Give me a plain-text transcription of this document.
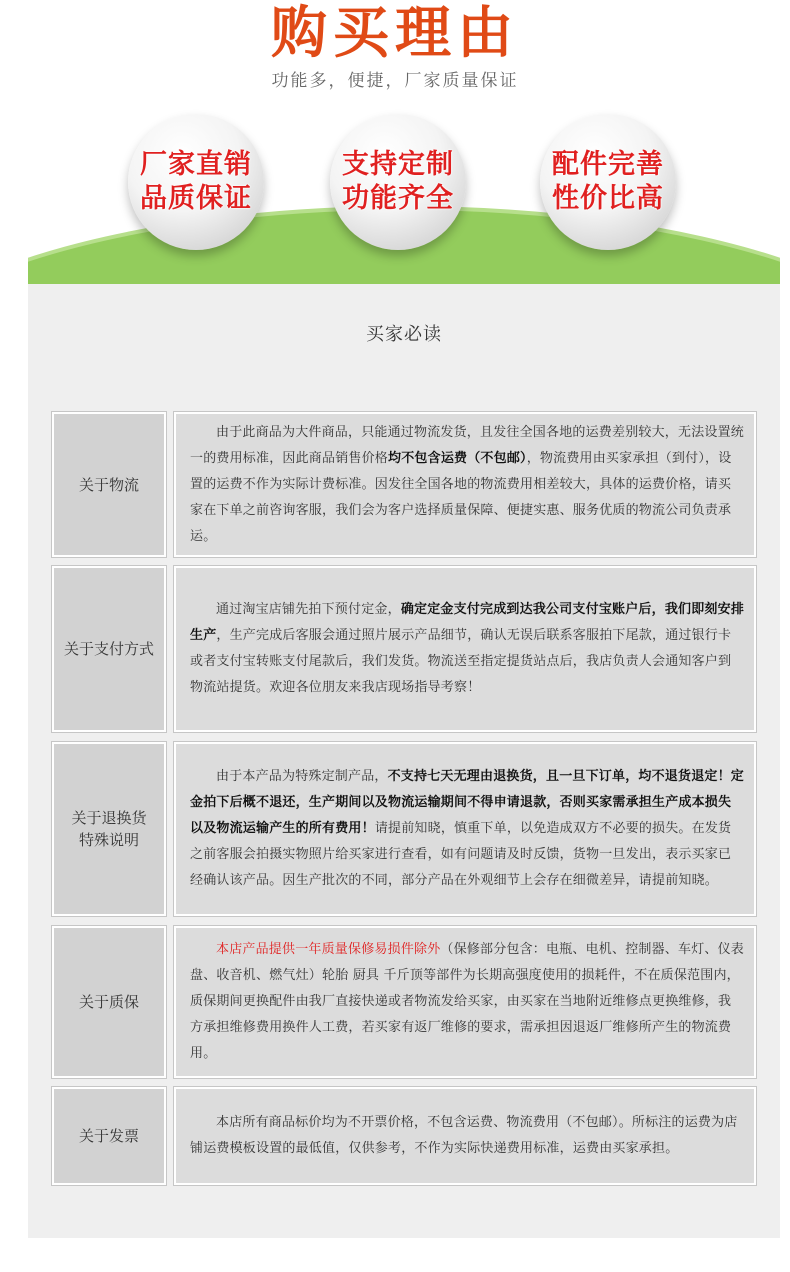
购买理由
功能多，便捷，厂家质量保证
厂家直销
品质保证
支持定制
功能齐全
配件完善
性价比高
买家必读
关于物流

由于此商品为大件商品，只能通过物流发货，且发往全国各地的运费差别较大，无法设置统一的费用标准，因此商品销售价格均不包含运费（不包邮），物流费用由买家承担（到付），设置的运费不作为实际计费标准。因发往全国各地的物流费用相差较大，具体的运费价格，请买家在下单之前咨询客服，我们会为客户选择质量保障、便捷实惠、服务优质的物流公司负责承运。

关于支付方式

通过淘宝店铺先拍下预付定金，确定定金支付完成到达我公司支付宝账户后，我们即刻安排生产，生产完成后客服会通过照片展示产品细节，确认无误后联系客服拍下尾款，通过银行卡或者支付宝转账支付尾款后，我们发货。物流送至指定提货站点后，我店负责人会通知客户到物流站提货。欢迎各位朋友来我店现场指导考察！

关于退换货
特殊说明

由于本产品为特殊定制产品，不支持七天无理由退换货，且一旦下订单，均不退货退定！定金拍下后概不退还，生产期间以及物流运输期间不得申请退款，否则买家需承担生产成本损失以及物流运输产生的所有费用！请提前知晓，慎重下单，以免造成双方不必要的损失。在发货之前客服会拍摄实物照片给买家进行查看，如有问题请及时反馈，货物一旦发出，表示买家已经确认该产品。因生产批次的不同，部分产品在外观细节上会存在细微差异，请提前知晓。

关于质保

本店产品提供一年质量保修易损件除外（保修部分包含：电瓶、电机、控制器、车灯、仪表盘、收音机、燃气灶）轮胎 厨具 千斤顶等部件为长期高强度使用的损耗件，不在质保范围内，质保期间更换配件由我厂直接快递或者物流发给买家，由买家在当地附近维修点更换维修，我方承担维修费用换件人工费，若买家有返厂维修的要求，需承担因退返厂维修所产生的物流费用。

关于发票

本店所有商品标价均为不开票价格，不包含运费、物流费用（不包邮）。所标注的运费为店铺运费模板设置的最低值，仅供参考，不作为实际快递费用标准，运费由买家承担。
